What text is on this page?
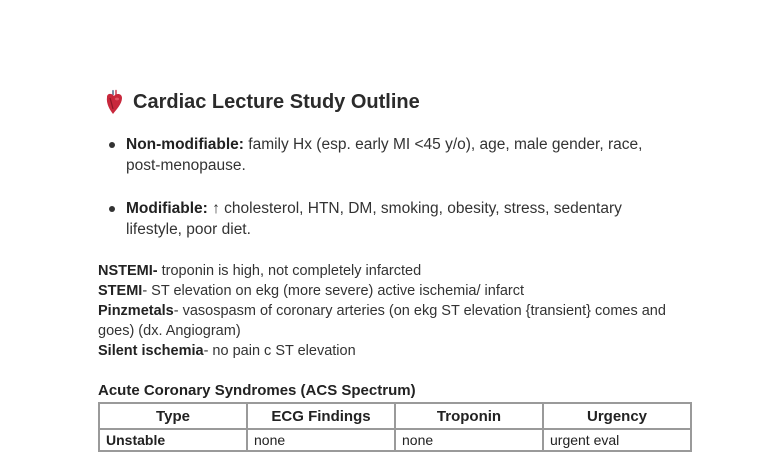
Cardiac Lecture Study Outline
Non-modifiable: family Hx (esp. early MI <45 y/o), age, male gender, race, post-menopause.
Modifiable: ↑ cholesterol, HTN, DM, smoking, obesity, stress, sedentary lifestyle, poor diet.

NSTEMI- troponin is high, not completely infarcted

STEMI- ST elevation on ekg (more severe) active ischemia/ infarct

Pinzmetals- vasospasm of coronary arteries (on ekg ST elevation {transient} comes and goes) (dx. Angiogram)

Silent ischemia- no pain c ST elevation

Acute Coronary Syndromes (ACS Spectrum)
Type	ECG Findings	Troponin	Urgency
Unstable	none	none	urgent eval
